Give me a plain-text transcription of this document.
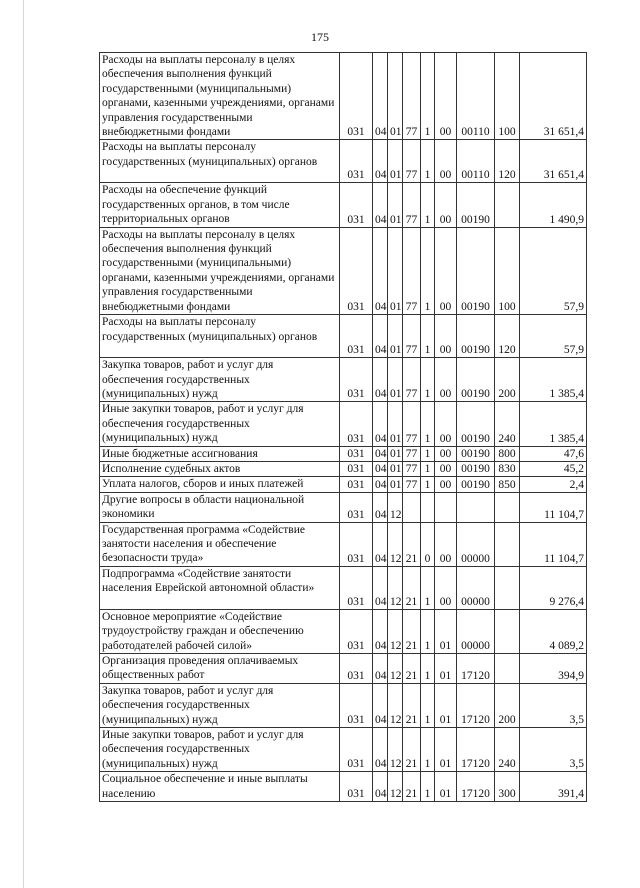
175
Расходы на выплаты персоналу в целях обеспечения выполнения функций государственными (муниципальными) органами, казенными учреждениями, органами управления государственными внебюджетными фондами	031	04	01	77	1	00	00110	100	31 651,4
Расходы на выплаты персоналу государственных (муниципальных) органов	031	04	01	77	1	00	00110	120	31 651,4
Расходы на обеспечение функций государственных органов, в том числе территориальных органов	031	04	01	77	1	00	00190		1 490,9
Расходы на выплаты персоналу в целях обеспечения выполнения функций государственными (муниципальными) органами, казенными учреждениями, органами управления государственными внебюджетными фондами	031	04	01	77	1	00	00190	100	57,9
Расходы на выплаты персоналу государственных (муниципальных) органов	031	04	01	77	1	00	00190	120	57,9
Закупка товаров, работ и услуг для обеспечения государственных (муниципальных) нужд	031	04	01	77	1	00	00190	200	1 385,4
Иные закупки товаров, работ и услуг для обеспечения государственных (муниципальных) нужд	031	04	01	77	1	00	00190	240	1 385,4
Иные бюджетные ассигнования	031	04	01	77	1	00	00190	800	47,6
Исполнение судебных актов	031	04	01	77	1	00	00190	830	45,2
Уплата налогов, сборов и иных платежей	031	04	01	77	1	00	00190	850	2,4
Другие вопросы в области национальной экономики	031	04	12						11 104,7
Государственная программа «Содействие занятости населения и обеспечение безопасности труда»	031	04	12	21	0	00	00000		11 104,7
Подпрограмма «Содействие занятости населения Еврейской автономной области»	031	04	12	21	1	00	00000		9 276,4
Основное мероприятие «Содействие трудоустройству граждан и обеспечению работодателей рабочей силой»	031	04	12	21	1	01	00000		4 089,2
Организация проведения оплачиваемых общественных работ	031	04	12	21	1	01	17120		394,9
Закупка товаров, работ и услуг для обеспечения государственных (муниципальных) нужд	031	04	12	21	1	01	17120	200	3,5
Иные закупки товаров, работ и услуг для обеспечения государственных (муниципальных) нужд	031	04	12	21	1	01	17120	240	3,5
Социальное обеспечение и иные выплаты населению	031	04	12	21	1	01	17120	300	391,4
